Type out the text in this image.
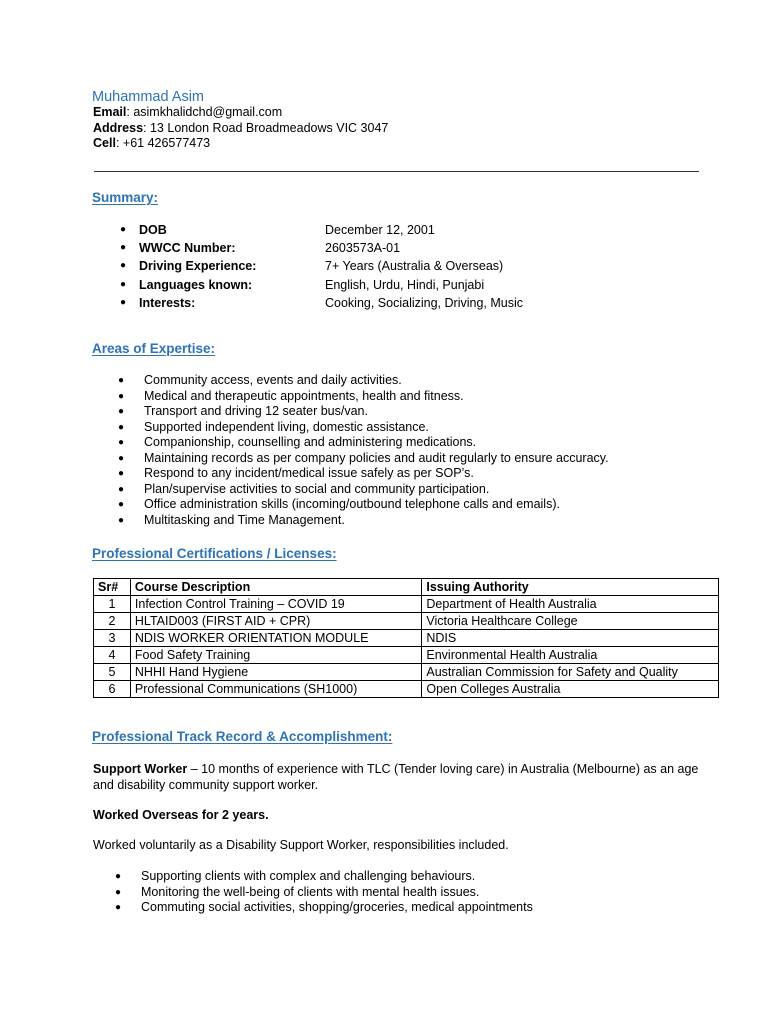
Muhammad Asim
Email: asimkhalidchd@gmail.com
Address: 13 London Road Broadmeadows VIC 3047
Cell: +61 426577473
Summary:
● DOB	December 12, 2001
● WWCC Number:	2603573A-01
● Driving Experience:	7+ Years (Australia & Overseas)
● Languages known:	English, Urdu, Hindi, Punjabi
● Interests:	Cooking, Socializing, Driving, Music
Areas of Expertise:
● Community access, events and daily activities.
● Medical and therapeutic appointments, health and fitness.
● Transport and driving 12 seater bus/van.
● Supported independent living, domestic assistance.
● Companionship, counselling and administering medications.
● Maintaining records as per company policies and audit regularly to ensure accuracy.
● Respond to any incident/medical issue safely as per SOP’s.
● Plan/supervise activities to social and community participation.
● Office administration skills (incoming/outbound telephone calls and emails).
● Multitasking and Time Management.
Professional Certifications / Licenses:
Sr#	Course Description	Issuing Authority
1	Infection Control Training – COVID 19	Department of Health Australia
2	HLTAID003 (FIRST AID + CPR)	Victoria Healthcare College
3	NDIS WORKER ORIENTATION MODULE	NDIS
4	Food Safety Training	Environmental Health Australia
5	NHHI Hand Hygiene	Australian Commission for Safety and Quality
6	Professional Communications (SH1000)	Open Colleges Australia
Professional Track Record & Accomplishment:
Support Worker – 10 months of experience with TLC (Tender loving care) in Australia (Melbourne) as an age and disability community support worker.
Worked Overseas for 2 years.
Worked voluntarily as a Disability Support Worker, responsibilities included.
● Supporting clients with complex and challenging behaviours.
● Monitoring the well-being of clients with mental health issues.
● Commuting social activities, shopping/groceries, medical appointments
